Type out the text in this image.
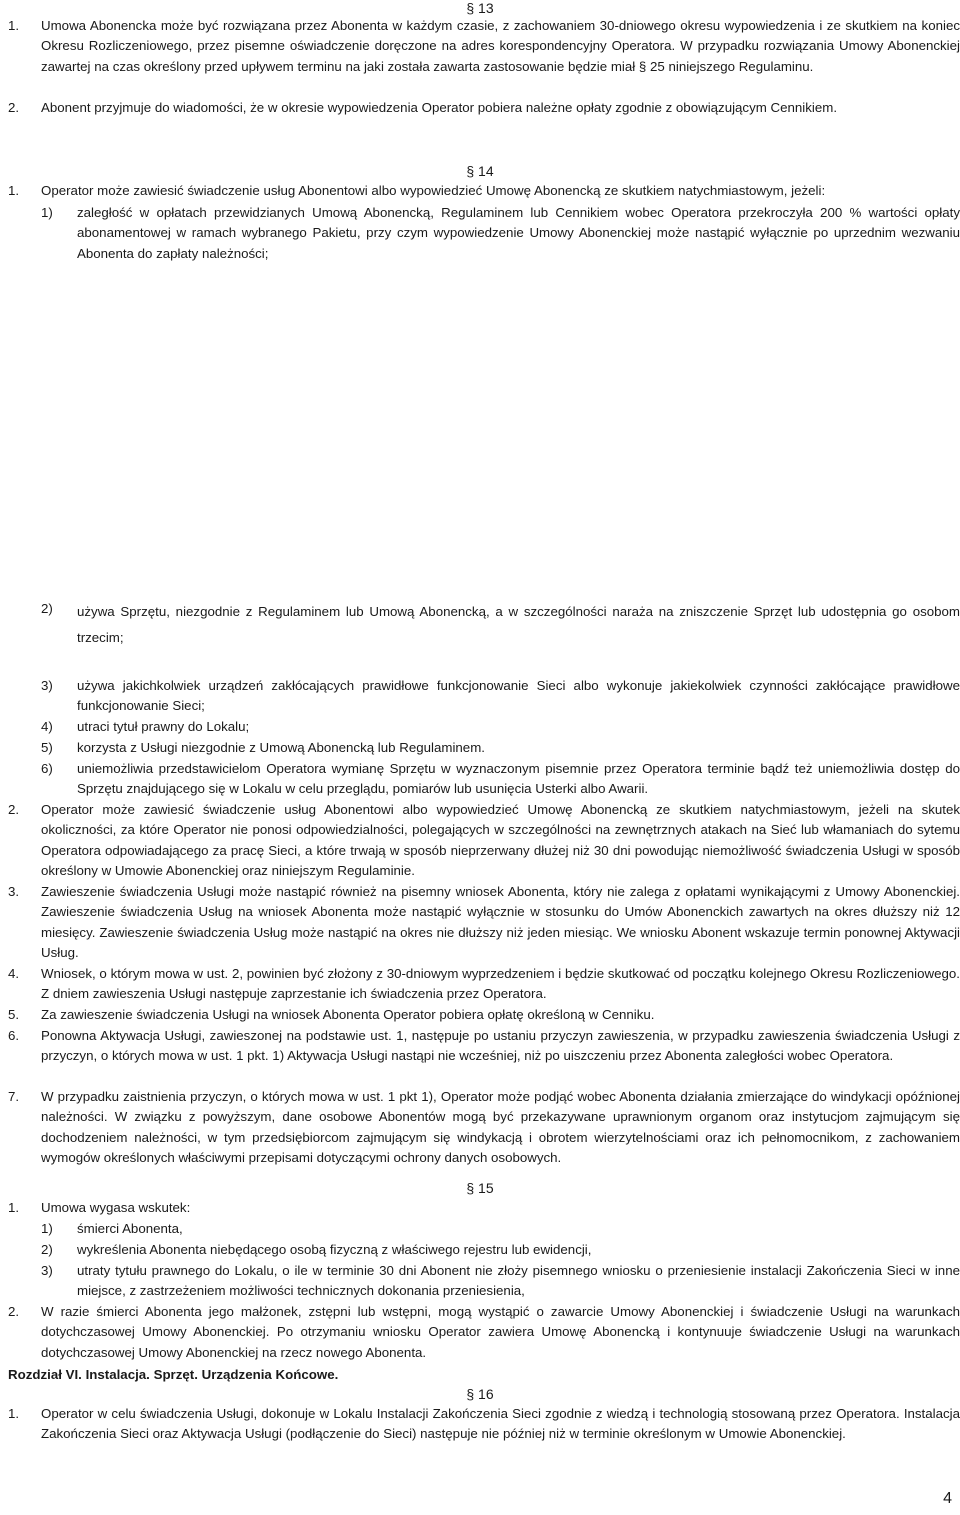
§ 13
1. Umowa Abonencka może być rozwiązana przez Abonenta w każdym czasie, z zachowaniem 30-dniowego okresu wypowiedzenia i ze skutkiem na koniec Okresu Rozliczeniowego, przez pisemne oświadczenie doręczone na adres korespondencyjny Operatora. W przypadku rozwiązania Umowy Abonenckiej zawartej na czas określony przed upływem terminu na jaki została zawarta zastosowanie będzie miał § 25 niniejszego Regulaminu.
2. Abonent przyjmuje do wiadomości, że w okresie wypowiedzenia Operator pobiera należne opłaty zgodnie z obowiązującym Cennikiem.
§ 14
1. Operator może zawiesić świadczenie usług Abonentowi albo wypowiedzieć Umowę Abonencką ze skutkiem natychmiastowym, jeżeli:
1) zaległość w opłatach przewidzianych Umową Abonencką, Regulaminem lub Cennikiem wobec Operatora przekroczyła 200 % wartości opłaty abonamentowej w ramach wybranego Pakietu, przy czym wypowiedzenie Umowy Abonenckiej może nastąpić wyłącznie po uprzednim wezwaniu Abonenta do zapłaty należności;
2) używa Sprzętu, niezgodnie z Regulaminem lub Umową Abonencką, a w szczególności naraża na zniszczenie Sprzęt lub udostępnia go osobom trzecim;
3) używa jakichkolwiek urządzeń zakłócających prawidłowe funkcjonowanie Sieci albo wykonuje jakiekolwiek czynności zakłócające prawidłowe funkcjonowanie Sieci;
4) utraci tytuł prawny do Lokalu;
5) korzysta z Usługi niezgodnie z Umową Abonencką lub Regulaminem.
6) uniemożliwia przedstawicielom Operatora wymianę Sprzętu w wyznaczonym pisemnie przez Operatora terminie bądź też uniemożliwia dostęp do Sprzętu znajdującego się w Lokalu w celu przeglądu, pomiarów lub usunięcia Usterki albo Awarii.
2. Operator może zawiesić świadczenie usług Abonentowi albo wypowiedzieć Umowę Abonencką ze skutkiem natychmiastowym, jeżeli na skutek okoliczności, za które Operator nie ponosi odpowiedzialności, polegających w szczególności na zewnętrznych atakach na Sieć lub włamaniach do sytemu Operatora odpowiadającego za pracę Sieci, a które trwają w sposób nieprzerwany dłużej niż 30 dni powodując niemożliwość świadczenia Usługi w sposób określony w Umowie Abonenckiej oraz niniejszym Regulaminie.
3. Zawieszenie świadczenia Usługi może nastąpić również na pisemny wniosek Abonenta, który nie zalega z opłatami wynikającymi z Umowy Abonenckiej. Zawieszenie świadczenia Usług na wniosek Abonenta może nastąpić wyłącznie w stosunku do Umów Abonenckich zawartych na okres dłuższy niż 12 miesięcy. Zawieszenie świadczenia Usług może nastąpić na okres nie dłuższy niż jeden miesiąc. We wniosku Abonent wskazuje termin ponownej Aktywacji Usług.
4. Wniosek, o którym mowa w ust. 2, powinien być złożony z 30-dniowym wyprzedzeniem i będzie skutkować od początku kolejnego Okresu Rozliczeniowego. Z dniem zawieszenia Usługi następuje zaprzestanie ich świadczenia przez Operatora.
5. Za zawieszenie świadczenia Usługi na wniosek Abonenta Operator pobiera opłatę określoną w Cenniku.
6. Ponowna Aktywacja Usługi, zawieszonej na podstawie ust. 1, następuje po ustaniu przyczyn zawieszenia, w przypadku zawieszenia świadczenia Usługi z przyczyn, o których mowa w ust. 1 pkt. 1) Aktywacja Usługi nastąpi nie wcześniej, niż po uiszczeniu przez Abonenta zaległości wobec Operatora.
7. W przypadku zaistnienia przyczyn, o których mowa w ust. 1 pkt 1), Operator może podjąć wobec Abonenta działania zmierzające do windykacji opóźnionej należności. W związku z powyższym, dane osobowe Abonentów mogą być przekazywane uprawnionym organom oraz instytucjom zajmującym się dochodzeniem należności, w tym przedsiębiorcom zajmującym się windykacją i obrotem wierzytelnościami oraz ich pełnomocnikom, z zachowaniem wymogów określonych właściwymi przepisami dotyczącymi ochrony danych osobowych.
§ 15
1. Umowa wygasa wskutek:
1) śmierci Abonenta,
2) wykreślenia Abonenta niebędącego osobą fizyczną z właściwego rejestru lub ewidencji,
3) utraty tytułu prawnego do Lokalu, o ile w terminie 30 dni Abonent nie złoży pisemnego wniosku o przeniesienie instalacji Zakończenia Sieci w inne miejsce, z zastrzeżeniem możliwości technicznych dokonania przeniesienia,
2. W razie śmierci Abonenta jego małżonek, zstępni lub wstępni, mogą wystąpić o zawarcie Umowy Abonenckiej i świadczenie Usługi na warunkach dotychczasowej Umowy Abonenckiej. Po otrzymaniu wniosku Operator zawiera Umowę Abonencką i kontynuuje świadczenie Usługi na warunkach dotychczasowej Umowy Abonenckiej na rzecz nowego Abonenta.
Rozdział VI. Instalacja. Sprzęt. Urządzenia Końcowe.
§ 16
1. Operator w celu świadczenia Usługi, dokonuje w Lokalu Instalacji Zakończenia Sieci zgodnie z wiedzą i technologią stosowaną przez Operatora. Instalacja Zakończenia Sieci oraz Aktywacja Usługi (podłączenie do Sieci) następuje nie później niż w terminie określonym w Umowie Abonenckiej.
4
